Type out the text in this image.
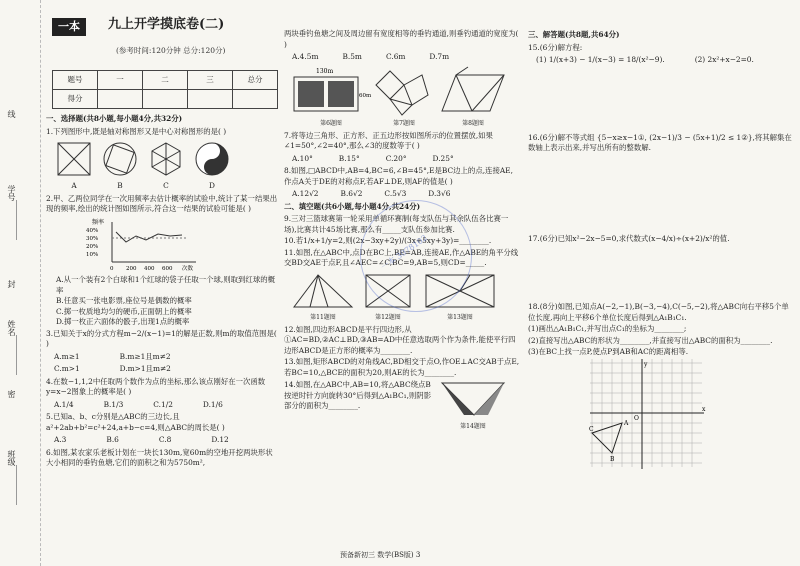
线
学号
封
姓名
密
班级
一本	九上开学摸底卷(二)
(参考时间:120分钟 总分:120分)
题号	一	二	三	总分
得分				
一、选择题(共8小题,每小题4分,共32分)
1.下列图形中,既是轴对称图形又是中心对称图形的是( )
A	B	C	D
2.甲、乙两位同学在一次用频率去估计概率的试验中,统计了某一结果出现的频率,绘出的统计图如图所示,符合这一结果的试验可能是( )
频率
40%
30%
20%
10%
0 200 400 600 次数
A.从一个装有2个白球和1个红球的袋子任取一个球,则取到红球的概率
B.任意买一张电影票,座位号是偶数的概率
C.掷一枚质地均匀的硬币,正面朝上的概率
D.掷一枚正六面体的骰子,出现1点的概率
3.已知关于x的分式方程m−2/(x−1)=1的解是正数,则m的取值范围是( )
A.m≥1	B.m≥1且m≠2
C.m>1	D.m>1且m≠2
4.在数−1,1,2中任取两个数作为点的坐标,那么该点刚好在一次函数y=x−2图象上的概率是( )
A.1/4	B.1/3	C.1/2	D.1/6
5.已知a、b、c分别是△ABC的三边长,且a²+2ab+b²=c²+24,a+b−c=4,则△ABC的周长是( )
A.3	B.6	C.8	D.12
6.如图,某农家乐老板计划在一块长130m,宽60m的空地开挖两块形状大小相同的垂钓鱼塘,它们的面积之和为5750m²,
两块垂钓鱼塘之间及周边留有宽度相等的垂钓通道,则垂钓通道的宽度为( )
A.4.5m	B.5m	C.6m	D.7m
130m
60m
第6题图	第7题图	第8题图
7.将等边三角形、正方形、正五边形按如图所示的位置摆放,如果∠1=50°,∠2=40°,那么∠3的度数等于( )
A.10°	B.15°	C.20°	D.25°
8.如图,□ABCD中,AB=4,BC=6,∠B=45°,E是BC边上的点,连接AE,作点A关于DE的对称点F,若AF⊥DE,则AF的值是( )
A.12√2	B.6√2	C.5√3	D.3√6
二、填空题(共6小题,每小题4分,共24分)
9.三对三篮球赛第一轮采用单循环赛制(每支队伍与其余队伍各比赛一场),比赛共计45场比赛,那么有_____支队伍参加比赛.
10.若1/x+1/y=2,则(2x−3xy+2y)/(3x+5xy+3y)=________.
11.如图,在△ABC中,点D在BC上,BE=AB,连接AE,作△ABE的角平分线交BD交AE于点F,且∠AEC=∠C,BC=9,AB=5,则CD=_____.
第11题图	第12题图	第13题图
12.如图,四边形ABCD是平行四边形,从①AC=BD,②AC⊥BD,③AB=AD中任意选取两个作为条件,能使平行四边形ABCD是正方形的概率为________.
13.如图,矩形ABCD的对角线AC,BD相交于点O,作OE⊥AC交AB于点E,若BC=10,△BCE的面积为20,则AE的长为________.
14.如图,在△ABC中,AB=10,将△ABC绕点B按逆时针方向旋转30°后得到△A₁BC₁,则阴影部分的面积为________.
第14题图
三、解答题(共8题,共64分)
15.(6分)解方程:
(1) 1/(x+3) − 1/(x−3) = 18/(x²−9).	(2) 2x²+x−2=0.
16.(6分)解不等式组 {5−x≥x−1①, (2x−1)/3 − (5x+1)/2 ≤ 1②},将其解集在数轴上表示出来,并写出所有的整数解.
17.(6分)已知x²−2x−5=0,求代数式(x−4/x)÷(x+2)/x²的值.
18.(8分)如图,已知点A(−2,−1),B(−3,−4),C(−5,−2),将△ABC向右平移5个单位长度,再向上平移6个单位长度后得到△A₁B₁C₁.
(1)画出△A₁B₁C₁,并写出点C₁的坐标为________;
(2)直接写出△ABC的形状为________,并直接写出△ABC的面积为________.
(3)在BC上找一点P,使点P到AB和AC的距离相等.
x
y
O
A
B
C
一本 3078102
预备新初三 数学(BS版) 3
